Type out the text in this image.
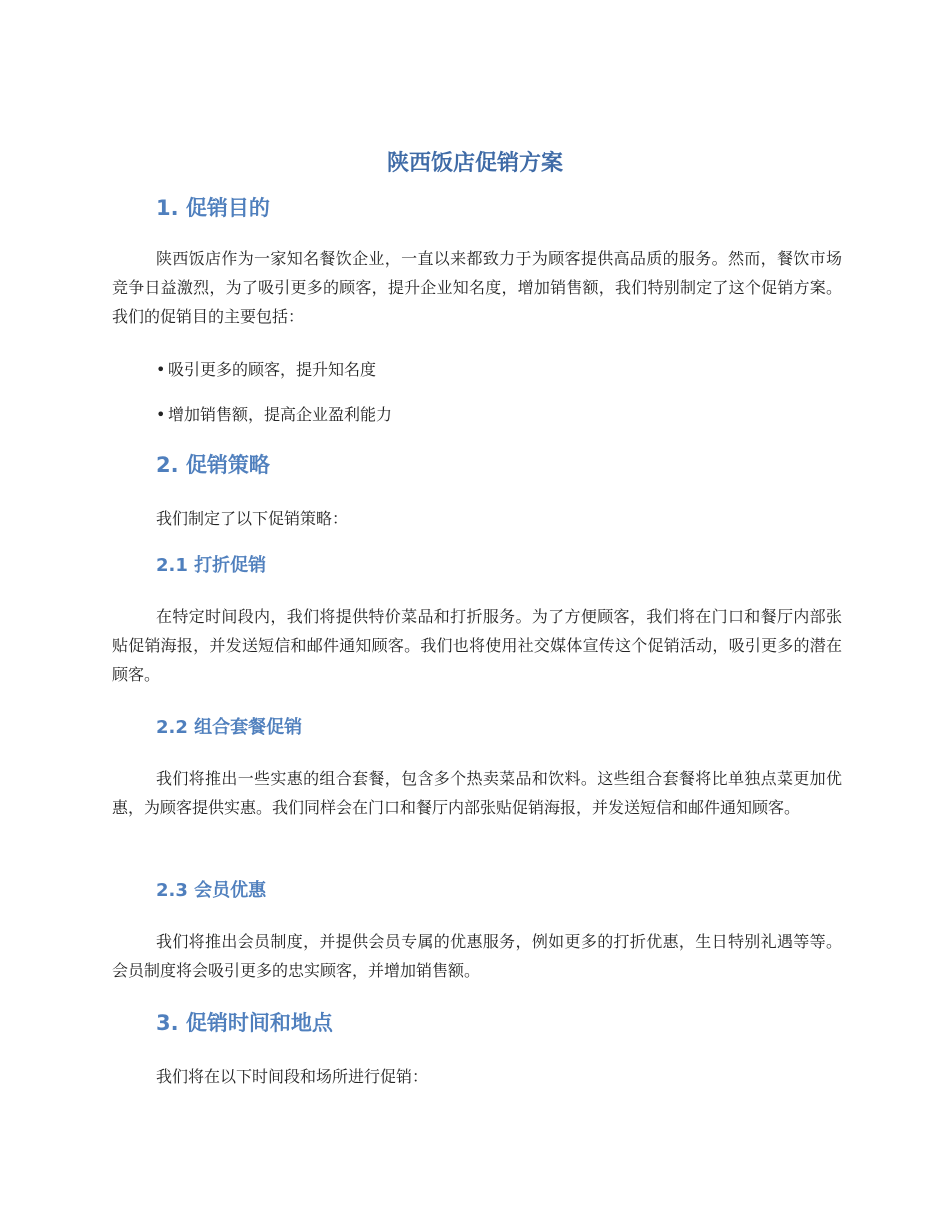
陕西饭店促销方案
1. 促销目的

陕西饭店作为一家知名餐饮企业，一直以来都致力于为顾客提供高品质的服务。然而，餐饮市场竞争日益激烈，为了吸引更多的顾客，提升企业知名度，增加销售额，我们特别制定了这个促销方案。我们的促销目的主要包括：

• 吸引更多的顾客，提升知名度
• 增加销售额，提高企业盈利能力
2. 促销策略

我们制定了以下促销策略：

2.1 打折促销

在特定时间段内，我们将提供特价菜品和打折服务。为了方便顾客，我们将在门口和餐厅内部张贴促销海报，并发送短信和邮件通知顾客。我们也将使用社交媒体宣传这个促销活动，吸引更多的潜在顾客。

2.2 组合套餐促销

我们将推出一些实惠的组合套餐，包含多个热卖菜品和饮料。这些组合套餐将比单独点菜更加优惠，为顾客提供实惠。我们同样会在门口和餐厅内部张贴促销海报，并发送短信和邮件通知顾客。

2.3 会员优惠

我们将推出会员制度，并提供会员专属的优惠服务，例如更多的打折优惠，生日特别礼遇等等。会员制度将会吸引更多的忠实顾客，并增加销售额。

3. 促销时间和地点

我们将在以下时间段和场所进行促销：
